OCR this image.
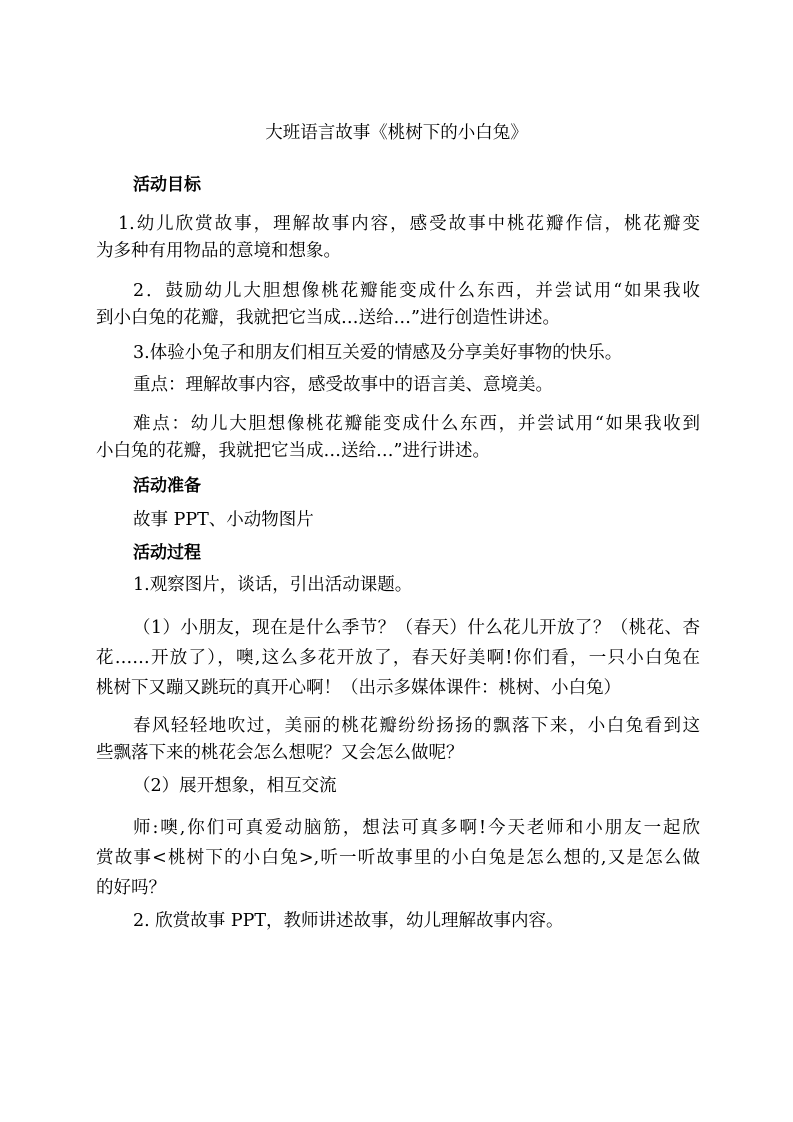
大班语言故事《桃树下的小白兔》
活动目标
1.幼儿欣赏故事，理解故事内容，感受故事中桃花瓣作信，桃花瓣变
为多种有用物品的意境和想象。
2．鼓励幼儿大胆想像桃花瓣能变成什么东西，并尝试用“如果我收
到小白兔的花瓣，我就把它当成…送给…”进行创造性讲述。
3.体验小兔子和朋友们相互关爱的情感及分享美好事物的快乐。
重点：理解故事内容，感受故事中的语言美、意境美。
难点：幼儿大胆想像桃花瓣能变成什么东西，并尝试用“如果我收到
小白兔的花瓣，我就把它当成…送给…”进行讲述。
活动准备
故事 PPT、小动物图片
活动过程
1.观察图片，谈话，引出活动课题。
（1）小朋友，现在是什么季节？（春天）什么花儿开放了？（桃花、杏
花……开放了），噢,这么多花开放了，春天好美啊!你们看，一只小白兔在
桃树下又蹦又跳玩的真开心啊！（出示多媒体课件：桃树、小白兔）
春风轻轻地吹过，美丽的桃花瓣纷纷扬扬的飘落下来，小白兔看到这
些飘落下来的桃花会怎么想呢？又会怎么做呢？
（2）展开想象，相互交流
师:噢,你们可真爱动脑筋，想法可真多啊!今天老师和小朋友一起欣
赏故事<桃树下的小白兔>,听一听故事里的小白兔是怎么想的,又是怎么做
的好吗？
2. 欣赏故事 PPT，教师讲述故事，幼儿理解故事内容。
